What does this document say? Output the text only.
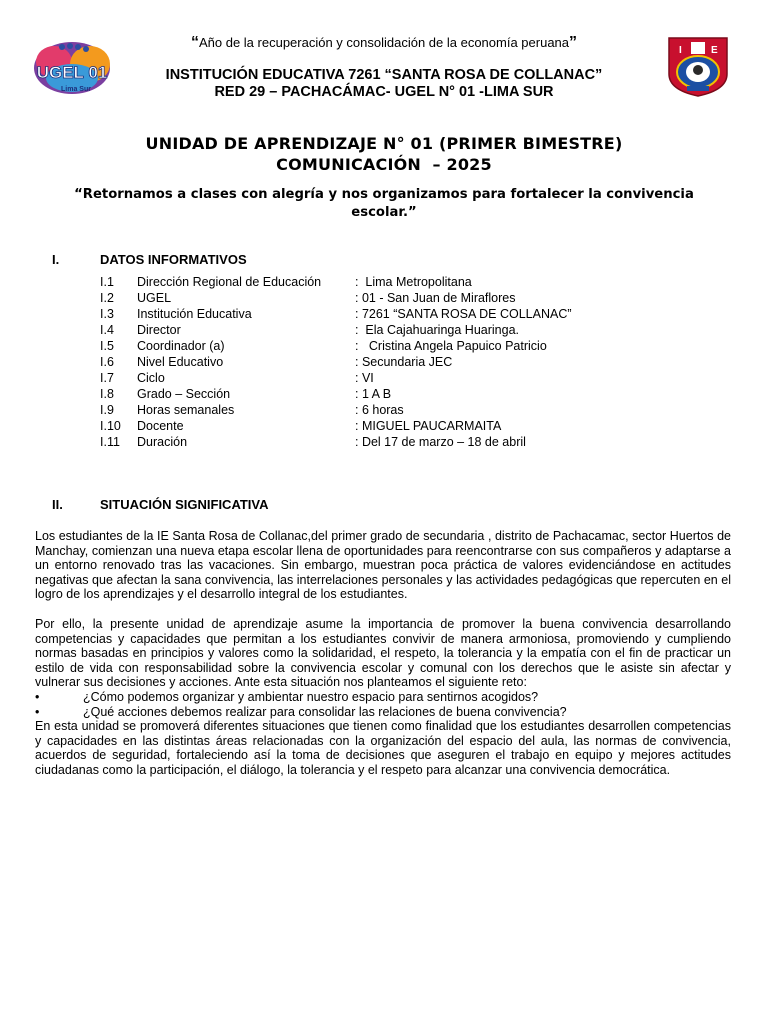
UGEL 01
Lima Sur
I	E
“Año de la recuperación y consolidación de la economía peruana”
INSTITUCIÓN EDUCATIVA 7261 “SANTA ROSA DE COLLANAC”
RED 29 – PACHACÁMAC- UGEL N° 01 -LIMA SUR
UNIDAD DE APRENDIZAJE N° 01 (PRIMER BIMESTRE)
COMUNICACIÓN  – 2025
“Retornamos a clases con alegría y nos organizamos para fortalecer la convivencia escolar.”
I.	DATOS INFORMATIVOS
I.1 Dirección Regional de Educación	:  Lima Metropolitana
I.2 UGEL	: 01 - San Juan de Miraflores
I.3 Institución Educativa	: 7261 “SANTA ROSA DE COLLANAC”
I.4 Director	:  Ela Cajahuaringa Huaringa.
I.5 Coordinador (a)	:   Cristina Angela Papuico Patricio
I.6 Nivel Educativo	: Secundaria JEC
I.7 Ciclo	: VI
I.8 Grado – Sección	: 1 A B
I.9 Horas semanales	: 6 horas
I.10 Docente	: MIGUEL PAUCARMAITA
I.11 Duración	: Del 17 de marzo – 18 de abril
II.	SITUACIÓN SIGNIFICATIVA
Los estudiantes de la IE Santa Rosa de Collanac,del primer grado de secundaria , distrito de Pachacamac, sector Huertos de Manchay, comienzan una nueva etapa escolar llena de oportunidades para reencontrarse con sus compañeros y adaptarse a un entorno renovado tras las vacaciones. Sin embargo, muestran poca práctica de valores evidenciándose en actitudes negativas que afectan la sana convivencia, las interrelaciones personales y las actividades pedagógicas que repercuten en el logro de los aprendizajes y el desarrollo integral de los estudiantes.
Por ello, la presente unidad de aprendizaje asume la importancia de promover la buena convivencia desarrollando competencias y capacidades que permitan a los estudiantes convivir de manera armoniosa, promoviendo y cumpliendo normas basadas en principios y valores como la solidaridad, el respeto, la tolerancia y la empatía con el fin de practicar un estilo de vida con responsabilidad sobre la convivencia escolar y comunal con los derechos que le asiste sin afectar y vulnerar sus decisiones y acciones. Ante esta situación nos planteamos el siguiente reto:
•	¿Cómo podemos organizar y ambientar nuestro espacio para sentirnos acogidos?
•	¿Qué acciones debemos realizar para consolidar las relaciones de buena convivencia?
En esta unidad se promoverá diferentes situaciones que tienen como finalidad que los estudiantes desarrollen competencias y capacidades en las distintas áreas relacionadas con la organización del espacio del aula, las normas de convivencia, acuerdos de seguridad, fortaleciendo así la toma de decisiones que aseguren el trabajo en equipo y mejores actitudes ciudadanas como la participación, el diálogo, la tolerancia y el respeto para alcanzar una convivencia democrática.
